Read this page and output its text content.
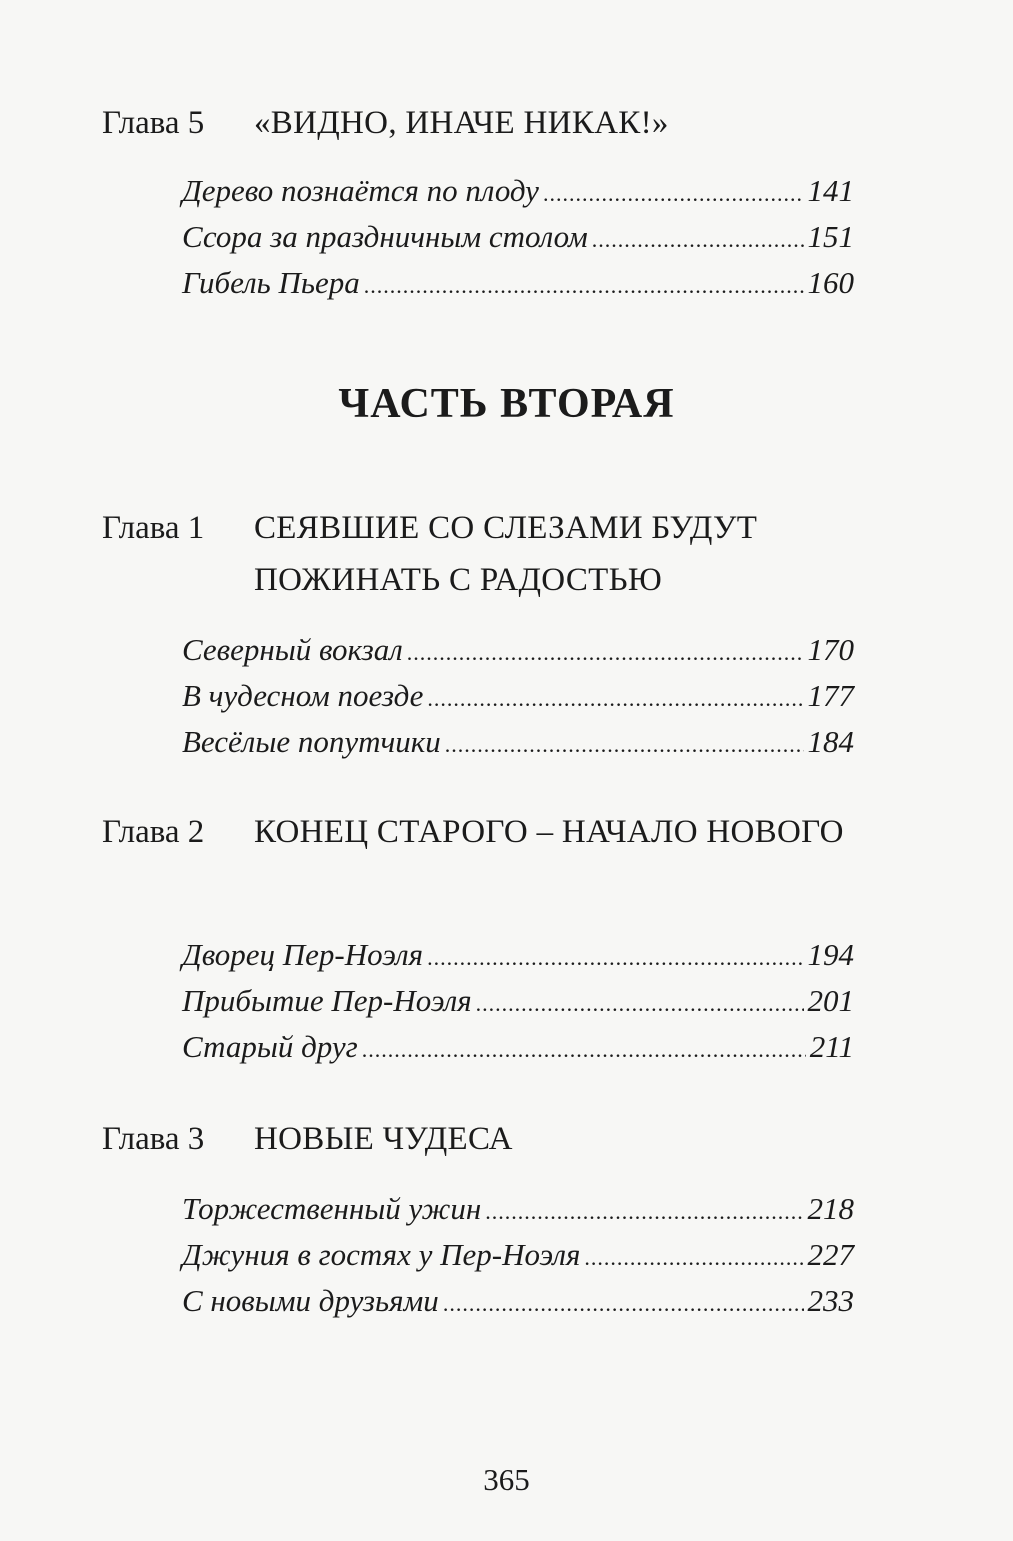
Глава 5	«ВИДНО, ИНАЧЕ НИКАК!»
Дерево познаётся по плоду .....	141
Ссора за праздничным столом .....	151
Гибель Пьера .....	160
ЧАСТЬ ВТОРАЯ
Глава 1	СЕЯВШИЕ СО СЛЕЗАМИ БУДУТ ПОЖИНАТЬ С РАДОСТЬЮ
Северный вокзал .....	170
В чудесном поезде .....	177
Весёлые попутчики .....	184
Глава 2	КОНЕЦ СТАРОГО – НАЧАЛО НОВОГО
Дворец Пер-Ноэля .....	194
Прибытие Пер-Ноэля .....	201
Старый друг .....	211
Глава 3	НОВЫЕ ЧУДЕСА
Торжественный ужин .....	218
Джуния в гостях у Пер-Ноэля .....	227
С новыми друзьями .....	233
365
